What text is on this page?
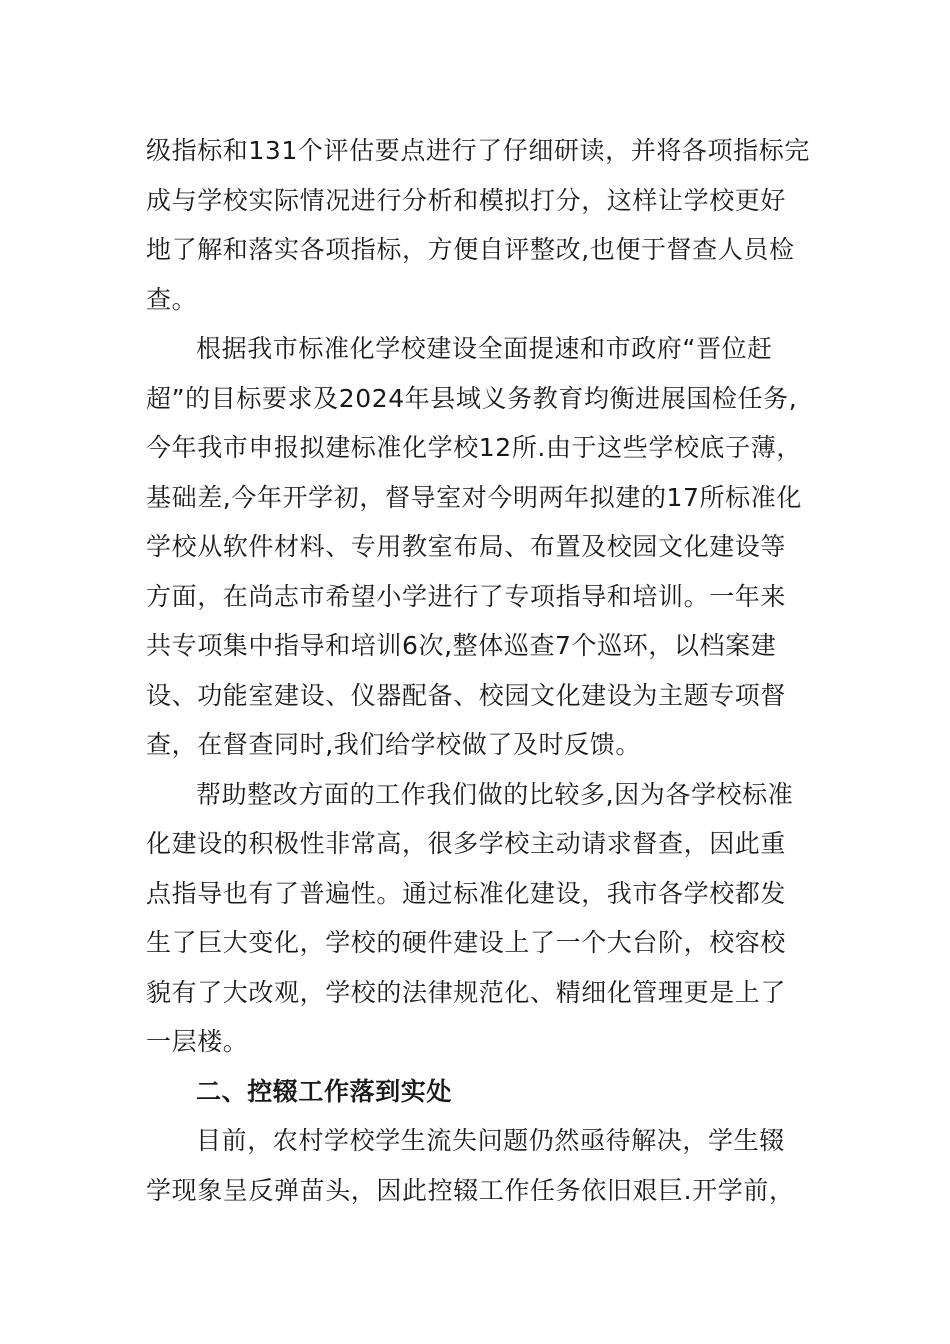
级指标和131个评估要点进行了仔细研读，并将各项指标完
成与学校实际情况进行分析和模拟打分，这样让学校更好
地了解和落实各项指标，方便自评整改,也便于督查人员检
查。
根据我市标准化学校建设全面提速和市政府“晋位赶
超”的目标要求及2024年县域义务教育均衡进展国检任务,
今年我市申报拟建标准化学校12所.由于这些学校底子薄，
基础差,今年开学初，督导室对今明两年拟建的17所标准化
学校从软件材料、专用教室布局、布置及校园文化建设等
方面，在尚志市希望小学进行了专项指导和培训。一年来
共专项集中指导和培训6次,整体巡查7个巡环，以档案建
设、功能室建设、仪器配备、校园文化建设为主题专项督
查，在督查同时,我们给学校做了及时反馈。
帮助整改方面的工作我们做的比较多,因为各学校标准
化建设的积极性非常高，很多学校主动请求督查，因此重
点指导也有了普遍性。通过标准化建设，我市各学校都发
生了巨大变化，学校的硬件建设上了一个大台阶，校容校
貌有了大改观，学校的法律规范化、精细化管理更是上了
一层楼。
二、控辍工作落到实处
目前，农村学校学生流失问题仍然亟待解决，学生辍
学现象呈反弹苗头，因此控辍工作任务依旧艰巨.开学前，
